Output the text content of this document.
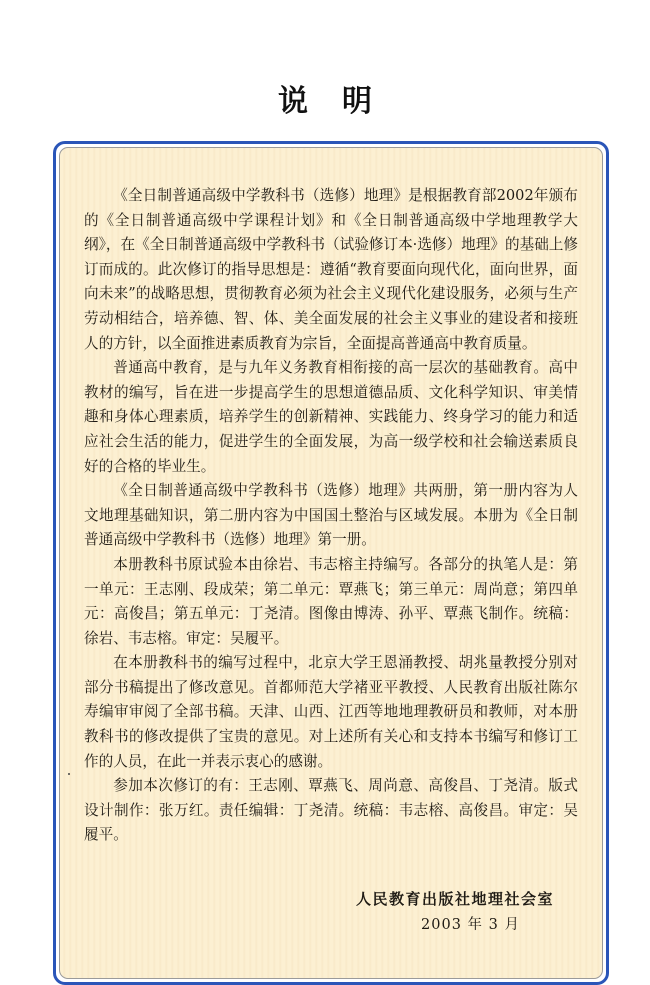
说明

《全日制普通高级中学教科书（选修）地理》是根据教育部2002年颁布的《全日制普通高级中学课程计划》和《全日制普通高级中学地理教学大纲》，在《全日制普通高级中学教科书（试验修订本·选修）地理》的基础上修订而成的。此次修订的指导思想是：遵循“教育要面向现代化，面向世界，面向未来”的战略思想，贯彻教育必须为社会主义现代化建设服务，必须与生产劳动相结合，培养德、智、体、美全面发展的社会主义事业的建设者和接班人的方针，以全面推进素质教育为宗旨，全面提高普通高中教育质量。

普通高中教育，是与九年义务教育相衔接的高一层次的基础教育。高中教材的编写，旨在进一步提高学生的思想道德品质、文化科学知识、审美情趣和身体心理素质，培养学生的创新精神、实践能力、终身学习的能力和适应社会生活的能力，促进学生的全面发展，为高一级学校和社会输送素质良好的合格的毕业生。

《全日制普通高级中学教科书（选修）地理》共两册，第一册内容为人文地理基础知识，第二册内容为中国国土整治与区域发展。本册为《全日制普通高级中学教科书（选修）地理》第一册。

本册教科书原试验本由徐岩、韦志榕主持编写。各部分的执笔人是：第一单元：王志刚、段成荣；第二单元：覃燕飞；第三单元：周尚意；第四单元：高俊昌；第五单元：丁尧清。图像由博涛、孙平、覃燕飞制作。统稿：徐岩、韦志榕。审定：吴履平。

在本册教科书的编写过程中，北京大学王恩涌教授、胡兆量教授分别对部分书稿提出了修改意见。首都师范大学褚亚平教授、人民教育出版社陈尔寿编审审阅了全部书稿。天津、山西、江西等地地理教研员和教师，对本册教科书的修改提供了宝贵的意见。对上述所有关心和支持本书编写和修订工作的人员，在此一并表示衷心的感谢。

参加本次修订的有：王志刚、覃燕飞、周尚意、高俊昌、丁尧清。版式设计制作：张万红。责任编辑：丁尧清。统稿：韦志榕、高俊昌。审定：吴履平。

人民教育出版社地理社会室
2003 年 3 月
